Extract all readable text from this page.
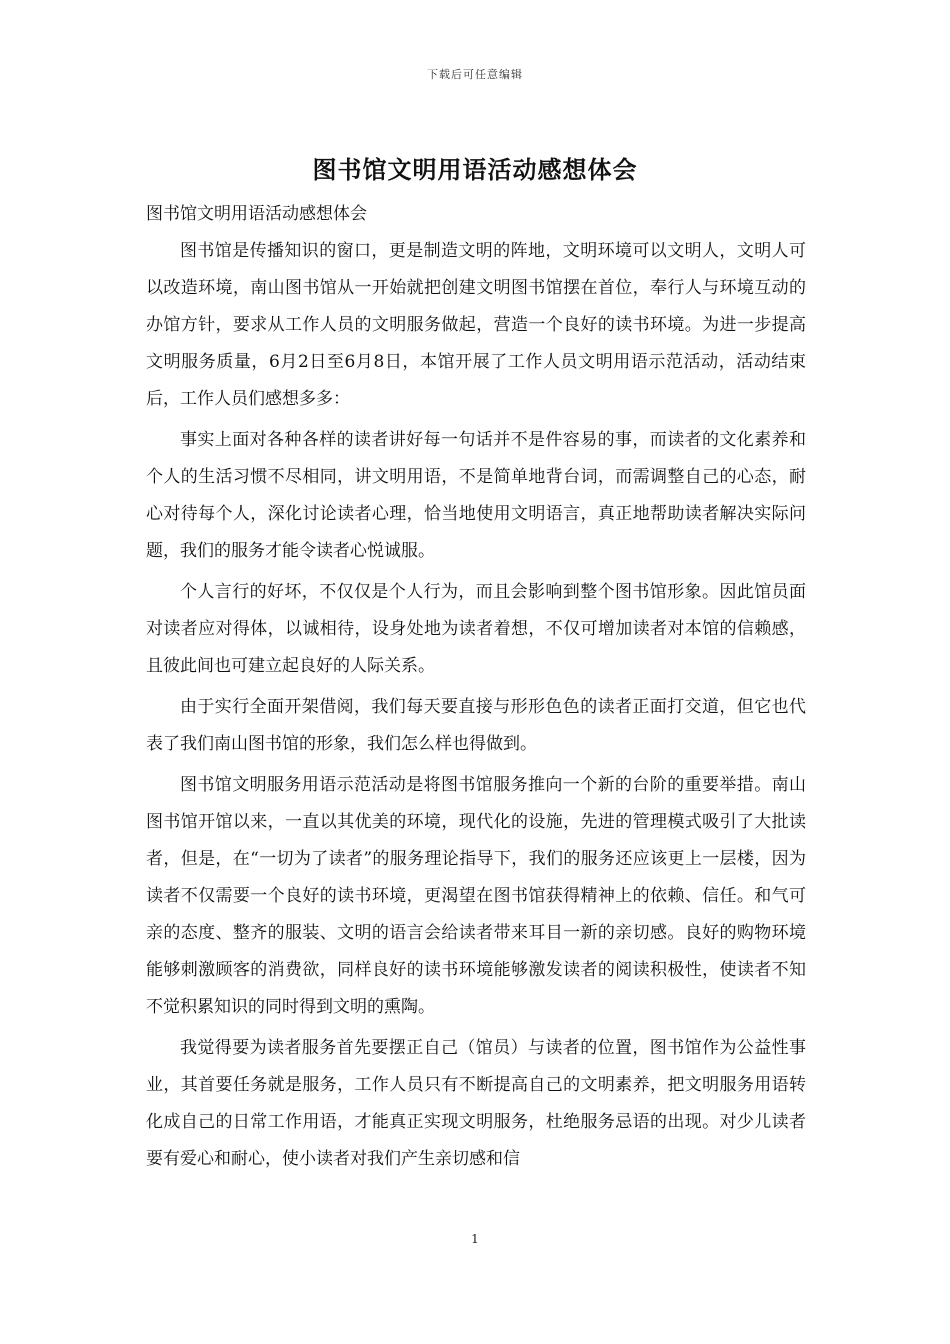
下载后可任意编辑
图书馆文明用语活动感想体会

图书馆文明用语活动感想体会

图书馆是传播知识的窗口，更是制造文明的阵地，文明环境可以文明人，文明人可以改造环境，南山图书馆从一开始就把创建文明图书馆摆在首位，奉行人与环境互动的办馆方针，要求从工作人员的文明服务做起，营造一个良好的读书环境。为进一步提高文明服务质量，6月2日至6月8日，本馆开展了工作人员文明用语示范活动，活动结束后，工作人员们感想多多：

事实上面对各种各样的读者讲好每一句话并不是件容易的事，而读者的文化素养和个人的生活习惯不尽相同，讲文明用语，不是简单地背台词，而需调整自己的心态，耐心对待每个人，深化讨论读者心理，恰当地使用文明语言，真正地帮助读者解决实际问题，我们的服务才能令读者心悦诚服。

个人言行的好坏，不仅仅是个人行为，而且会影响到整个图书馆形象。因此馆员面对读者应对得体，以诚相待，设身处地为读者着想，不仅可增加读者对本馆的信赖感，且彼此间也可建立起良好的人际关系。

由于实行全面开架借阅，我们每天要直接与形形色色的读者正面打交道，但它也代表了我们南山图书馆的形象，我们怎么样也得做到。

图书馆文明服务用语示范活动是将图书馆服务推向一个新的台阶的重要举措。南山图书馆开馆以来，一直以其优美的环境，现代化的设施，先进的管理模式吸引了大批读者，但是，在“一切为了读者”的服务理论指导下，我们的服务还应该更上一层楼，因为读者不仅需要一个良好的读书环境，更渴望在图书馆获得精神上的依赖、信任。和气可亲的态度、整齐的服装、文明的语言会给读者带来耳目一新的亲切感。良好的购物环境能够刺激顾客的消费欲，同样良好的读书环境能够激发读者的阅读积极性，使读者不知不觉积累知识的同时得到文明的熏陶。

我觉得要为读者服务首先要摆正自己（馆员）与读者的位置，图书馆作为公益性事业，其首要任务就是服务，工作人员只有不断提高自己的文明素养，把文明服务用语转化成自己的日常工作用语，才能真正实现文明服务，杜绝服务忌语的出现。对少儿读者要有爱心和耐心，使小读者对我们产生亲切感和信

1
